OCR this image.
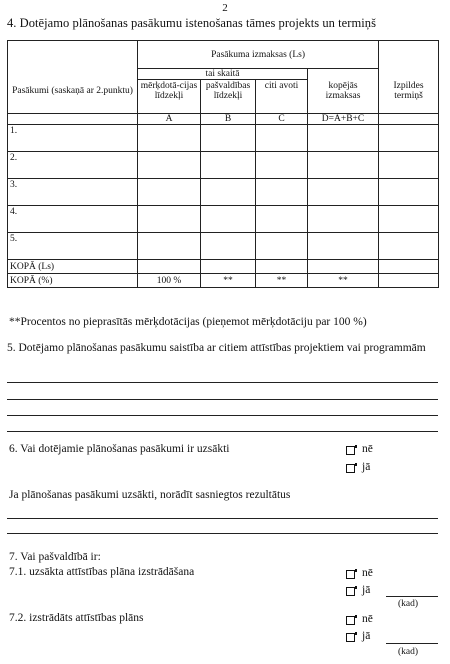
2
4. Dotējamo plānošanas pasākumu istenošanas tāmes projekts un termiņš
	Pasākuma izmaksas (Ls)				
Pasākumi (saskaņā ar 2.punktu)	tai skaitā			kopējās izmaksas	Izpildes termiņš
	mērķdotā-cijas līdzekļi	pašvaldības līdzekļi	citi avoti		
	A	B	C	D=A+B+C	
1.					
2.					
3.					
4.					
5.					
KOPĀ (Ls)					
KOPĀ (%)	100 %	**	**	**	
**Procentos no pieprasītās mērķdotācijas (pieņemot mērķdotāciju par 100 %)
5. Dotējamo plānošanas pasākumu saistība ar citiem attīstības projektiem vai programmām
6. Vai dotējamie plānošanas pasākumi ir uzsākti	nē
jā
Ja plānošanas pasākumi uzsākti, norādīt sasniegtos rezultātus
7. Vai pašvaldībā ir:
7.1. uzsākta attīstības plāna izstrādāšana	nē
jā
(kad)
7.2. izstrādāts attīstības plāns	nē
jā
(kad)
